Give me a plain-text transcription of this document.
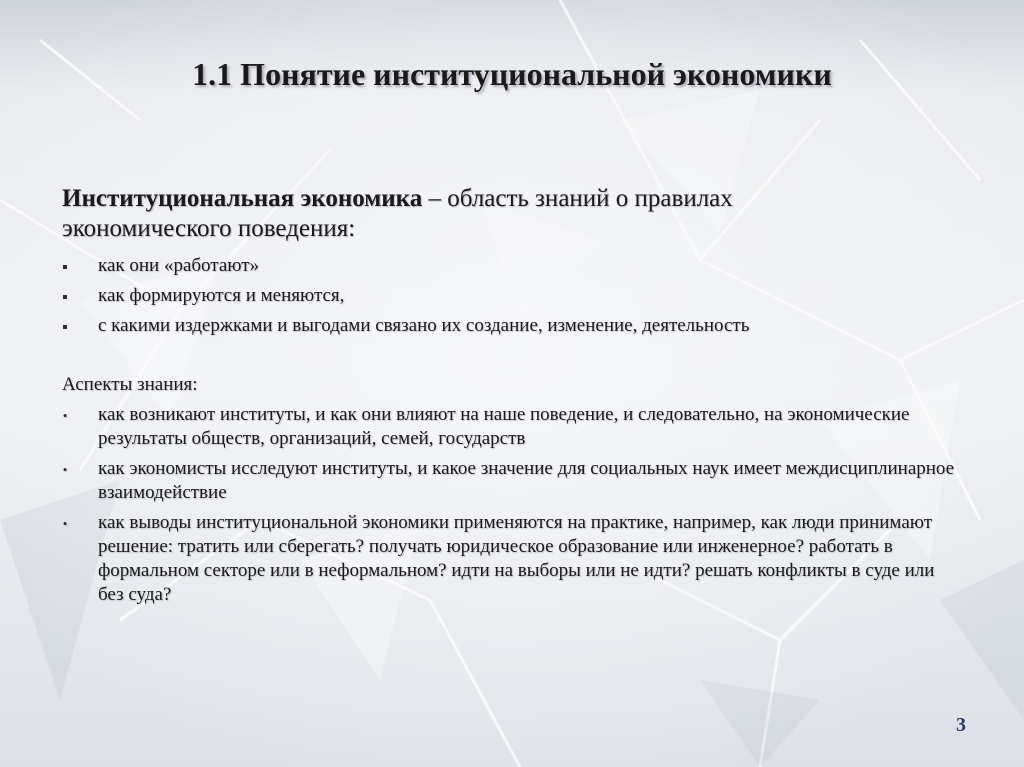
1.1 Понятие институциональной экономики

Институциональная экономика – область знаний о правилах экономического поведения:

как они «работают»
как формируются и меняются,
с какими издержками и выгодами связано их создание, изменение, деятельность

Аспекты знания:

•
как возникают институты, и как они влияют на наше поведение, и следовательно, на экономические результаты обществ, организаций, семей, государств
•
как экономисты исследуют институты, и какое значение для социальных наук имеет междисциплинарное взаимодействие
•
как выводы институциональной экономики применяются на практике, например, как люди принимают решение: тратить или сберегать? получать юридическое образование или инженерное? работать в формальном секторе или в неформальном? идти на выборы или не идти? решать конфликты в суде или без суда?
3
